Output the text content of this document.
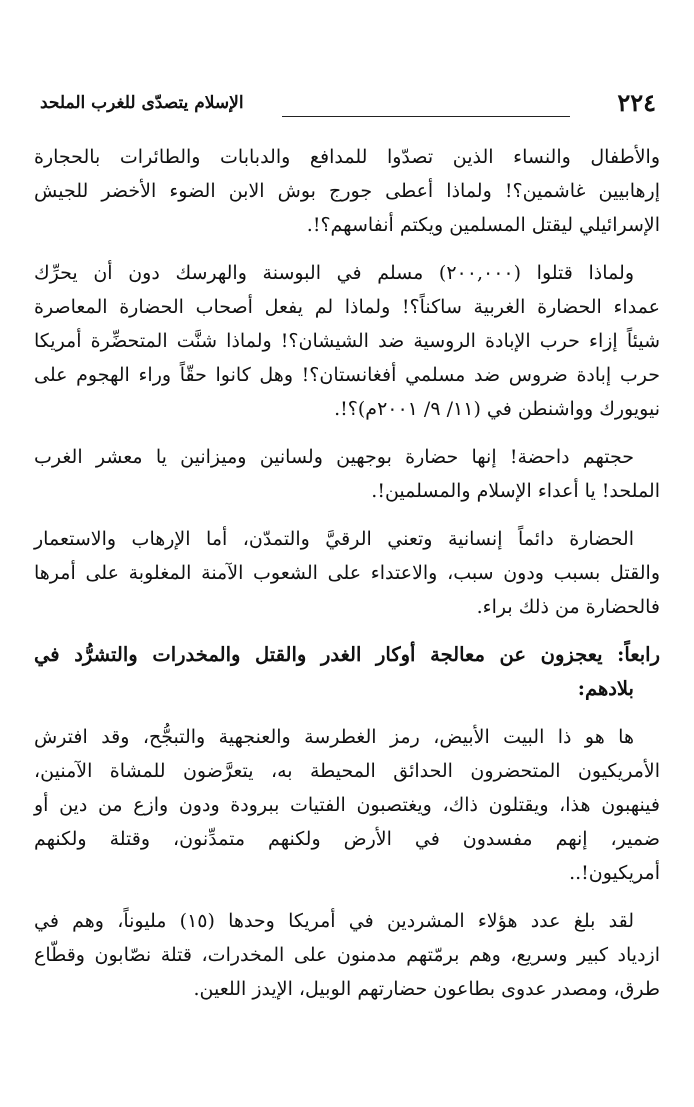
٢٢٤
الإسلام يتصدّى للغرب الملحد
والأطفال والنساء الذين تصدّوا للمدافع والدبابات والطائرات بالحجارة
إرهابيين غاشمين؟! ولماذا أعطى جورج بوش الابن الضوء الأخضر للجيش
الإسرائيلي ليقتل المسلمين ويكتم أنفاسهم؟!.
ولماذا قتلوا (٢٠٠,٠٠٠) مسلم في البوسنة والهرسك دون أن يحرِّك
عمداء الحضارة الغربية ساكناً؟! ولماذا لم يفعل أصحاب الحضارة المعاصرة
شيئاً إزاء حرب الإبادة الروسية ضد الشيشان؟! ولماذا شنَّت المتحضِّرة أمريكا
حرب إبادة ضروس ضد مسلمي أفغانستان؟! وهل كانوا حقّاً وراء الهجوم على
نيويورك وواشنطن في (١١/ ٩/ ٢٠٠١م)؟!.
حجتهم داحضة! إنها حضارة بوجهين ولسانين وميزانين يا معشر الغرب
الملحد! يا أعداء الإسلام والمسلمين!.
الحضارة دائماً إنسانية وتعني الرقيَّ والتمدّن، أما الإرهاب والاستعمار
والقتل بسبب ودون سبب، والاعتداء على الشعوب الآمنة المغلوبة على أمرها
فالحضارة من ذلك براء.
رابعاً: يعجزون عن معالجة أوكار الغدر والقتل والمخدرات والتشرُّد في
بلادهم:
ها هو ذا البيت الأبيض، رمز الغطرسة والعنجهية والتبجُّح، وقد افترش
الأمريكيون المتحضرون الحدائق المحيطة به، يتعرَّضون للمشاة الآمنين،
فينهبون هذا، ويقتلون ذاك، ويغتصبون الفتيات ببرودة ودون وازع من دين أو
ضمير، إنهم مفسدون في الأرض ولكنهم متمدِّنون، وقتلة ولكنهم
أمريكيون!..
لقد بلغ عدد هؤلاء المشردين في أمريكا وحدها (١٥) مليوناً، وهم في
ازدياد كبير وسريع، وهم برمّتهم مدمنون على المخدرات، قتلة نصّابون وقطّاع
طرق، ومصدر عدوى بطاعون حضارتهم الوبيل، الإيدز اللعين.
